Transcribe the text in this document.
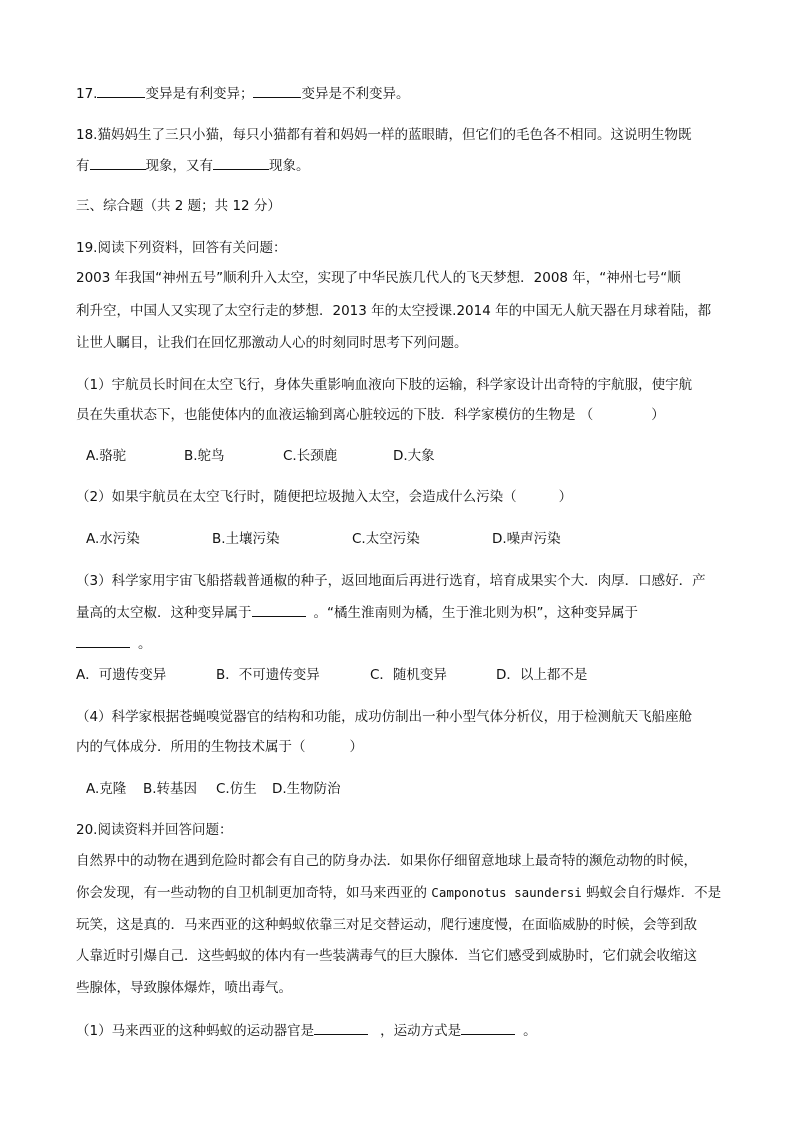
17.	变异是有利变异；	变异是不利变异。
18.猫妈妈生了三只小猫，每只小猫都有着和妈妈一样的蓝眼睛，但它们的毛色各不相同。这说明生物既
有	现象，又有	现象。
三、综合题（共 2 题；共 12 分）
19.阅读下列资料，回答有关问题：
2003 年我国“神州五号”顺利升入太空，实现了中华民族几代人的飞天梦想．2008 年，“神州七号“顺
利升空，中国人又实现了太空行走的梦想．2013 年的太空授课.2014 年的中国无人航天器在月球着陆，都
让世人瞩目，让我们在回忆那激动人心的时刻同时思考下列问题。
（1）宇航员长时间在太空飞行，身体失重影响血液向下肢的运输，科学家设计出奇特的宇航服，使宇航
员在失重状态下，也能使体内的血液运输到离心脏较远的下肢．科学家模仿的生物是 （	）
A.骆驼	B.鸵鸟	C.长颈鹿	D.大象
（2）如果宇航员在太空飞行时，随便把垃圾抛入太空，会造成什么污染（	）
A.水污染	B.土壤污染	C.太空污染	D.噪声污染
（3）科学家用宇宙飞船搭载普通椒的种子，返回地面后再进行选育，培育成果实个大．肉厚．口感好．产
量高的太空椒．这种变异属于	。“橘生淮南则为橘，生于淮北则为枳”，这种变异属于
。
A．可遗传变异	B．不可遗传变异	C．随机变异	D．以上都不是
（4）科学家根据苍蝇嗅觉器官的结构和功能，成功仿制出一种小型气体分析仪，用于检测航天飞船座舱
内的气体成分．所用的生物技术属于（	）
A.克隆 B.转基因 C.仿生 D.生物防治
20.阅读资料并回答问题：
自然界中的动物在遇到危险时都会有自己的防身办法．如果你仔细留意地球上最奇特的濒危动物的时候，
你会发现，有一些动物的自卫机制更加奇特，如马来西亚的 Camponotus saundersi 蚂蚁会自行爆炸．不是
玩笑，这是真的．马来西亚的这种蚂蚁依靠三对足交替运动，爬行速度慢，在面临威胁的时候，会等到敌
人靠近时引爆自己．这些蚂蚁的体内有一些装满毒气的巨大腺体．当它们感受到威胁时，它们就会收缩这
些腺体，导致腺体爆炸，喷出毒气。
（1）马来西亚的这种蚂蚁的运动器官是	，运动方式是	。
